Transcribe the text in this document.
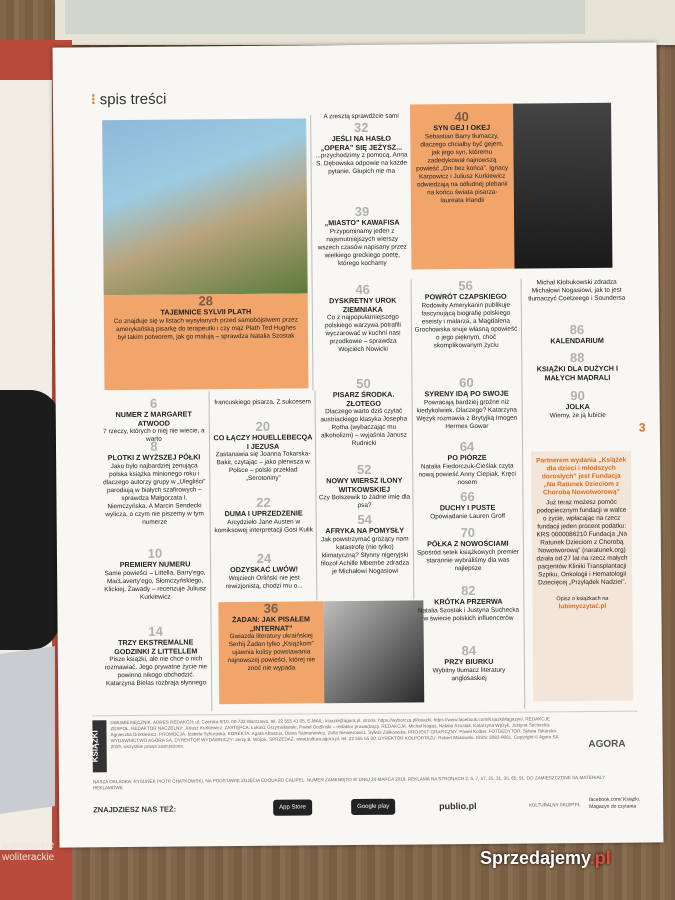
woliterackie woliterackie
⁝ spis treści
28
TAJEMNICE SYLVII PLATH
Co znajduje się w listach wysyłanych przed samobójstwem przez amerykańską pisarkę do terapeutki i czy mąż Plath Ted Hughes był takim potworem, jak go malują – sprawdza Natalia Szostak
A zresztą sprawdźcie sami
32
JEŚLI NA HASŁO „OPERA” SIĘ JEŻYSZ...
...przychodzimy z pomocą. Anna S. Dębowska odpowie na każde pytanie. Głupich nie ma
39
„MIASTO” KAWAFISA
Przypominamy jeden z najsmutniejszych wierszy wszech czasów napisany przez wielkiego greckiego poetę, którego kochamy
40
SYN GEJ I OKEJ
Sebastian Barry tłumaczy, dlaczego chciałby być gejem, jak jego syn, któremu zadedykował najnowszą powieść „Dni bez końca”. Ignacy Karpowicz i Juliusz Kurkiewicz odwiedzają na odludnej plebanii na końcu świata pisarza-laureata Irlandii
46
DYSKRETNY UROK ZIEMNIAKA
Co z najpopularniejszego polskiego warzywa potrafili wyczarować w kuchni nasi przodkowie – sprawdza Wojciech Nowicki
56
POWRÓT CZAPSKIEGO
Rodowity Amerykanin publikuje fascynującą biografię polskiego eseisty i malarza, a Magdalena Grochowska snuje własną opowieść o jego pięknym, choć skomplikowanym życiu
Michał Kłobukowski zdradza Michałowi Nogasiowi, jak to jest tłumaczyć Coetzeego i Soundersa
86
KALENDARIUM
88
KSIĄŻKI DLA DUŻYCH I MAŁYCH MĄDRALI
90
JOLKA
Wiemy, że ją lubicie
6
NUMER Z MARGARET ATWOOD
7 rzeczy, których o niej nie wiecie, a warto
8
PLOTKI Z WYŻSZEJ PÓŁKI
Jako było najbardziej żenująca polska książka minionego roku i dlaczego autorzy grupy w „Ulegliści” parodiują w białych szafirowych – sprawdza Małgorzata I. Niemczyńska. A Marcin Sendecki wylicza, o czym nie piszemy w tym numerze
10
PREMIERY NUMERU
Same powieści – Littella, Barry'ego, MacLaverty'ego, Słomczyńskiego, Klickiej, Zawady – recenzuje Juliusz Kurkiewicz
14
TRZY EKSTREMALNE GODZINKI Z LITTELLEM
Pisze książki, ale nie chce o nich rozmawiać. Jego prywatne życie nie powinno nikogo obchodzić. Katarzyna Bielas rozbraja słynnego
francuskiego pisarza. Z sukcesem
20
CO ŁĄCZY HOUELLEBECQA I JEZUSA
Zastanawia się Joanna Tokarska-Bakir, czytając – jako pierwsza w Polsce – polski przekład „Serotoniny”
22
DUMA I UPRZEDZENIE
Arcydzieło Jane Austen w komiksowej interpretacji Gosi Kulik
24
ODZYSKAĆ LWÓW!
Wojciech Orliński nie jest rewizjonistą, chodzi mu o...
36
ŻADAN: JAK PISAŁEM „INTERNAT”
Gwiazda literatury ukraińskiej Serhij Żadan tylko „Książkom” ujawnia kulisy powstawania najnowszej powieści, której nie znoć nie wypada
50
PISARZ ŚRODKA. ZŁOTEGO
Dlaczego warto dziś czytać austriackiego klasyka Josepha Rotha (wybaczając mu alkoholizm) – wyjaśnia Janusz Rudnicki
52
NOWY WIERSZ ILONY WITKOWSKIEJ
Czy Bolszewik to żadne imię dla psa?
54
AFRYKA NA POMYSŁY
Jak powstrzymać grożący nam katastrofę (nie tylko) klimatyczną? Słynny nigeryjski filozof Achille Mbembe zdradza je Michałowi Nogasiowi
60
SYRENY IDĄ PO SWOJE
Powracają bardziej groźne niż kiedykolwiek. Dlaczego? Katarzyna Wężyk rozmawia z Brytyjką Imogen Hermes Gowar
64
PO PIÓRZE
Natalia Fiedorczuk-Cieślak czyta nową powieść Anny Ciepiak. Kręci nosem
66
DUCHY I PUSTE
Opowiadanie Lauren Groff
70
PÓŁKA Z NOWOŚCIAMI
Spośród setek książkowych premier starannie wybraliśmy dla was najlepsze
82
KRÓTKA PRZERWA
Natalia Szostak i Justyna Suchecka w świecie polskich influencerów
84
PRZY BIURKU
Wybitny tłumacz literatury anglosaskiej
Partnerem wydania „Książek dla dzieci i młodszych dorosłych” jest Fundacja „Na Ratunek Dzieciom z Chorobą Nowotworową”
Już teraz możesz pomóc podopiecznym fundacji w walce o życie, wpłacając na rzecz fundacji jeden procent podatku: KRS 0000086210 Fundacja „Na Ratunek Dzieciom z Chorobą Nowotworową” (naratunek.org) działa od 27 lat na rzecz małych pacjentów Kliniki Transplantacji Szpiku, Onkologii i Hematologii Dziecięcej „Przylądek Nadziei”.
Opisz o książkach na
lubimyczytać.pl
3
KSIĄŻKI
DWUMIESIĘCZNIK. ADRES REDAKCJI: ul. Czerska 8/10, 00-732 Warszawa, tel. 22 555 41 05, E-MAIL: ksiazki@agora.pl, strona: https://wyborcza.pl/ksiazki, https://www.facebook.com/KsiazkiMagazyn/. REDAKCJE ZESPOŁ. REDAKTOR NACZELNY: Juliusz Kurkiewicz. ZASTĘPCA: Łukasz Grzymisławski, Paweł Goźliński – redaktor prowadzący. REDAKCJA: Michał Nogaś, Natalia Szostak, Katarzyna Wężyk, Justyna Suchecka, Agnieszka Drotkiewicz. PROMOCJA: Izabela Szkurpska. KOREKTA: Agata Abaszus, Diana Salmanowicz, Zofia Siewierowicz, Sylwia Ziółkowska. PROJEKT GRAFICZNY: Paweł Kolber. FOTOEDYTOR: Sylwia Tokarska. WYDAWNICTWO AGORA SA. DYREKTOR WYDAWNICZY: Jerzy B. Wójcik. SPRZEDAŻ: www.kultura.agora.pl, tel. 22 555 55 00. DYREKTOR KOLPORTAŻU: Robert Makowski. ISSN: 2083-8661. Copyright © Agora SA 2019, wszystkie prawa zastrzeżone.	AGORA
NASZA OKŁADKA: RYSUNEK PIOTR CHATKOWSKI, NA PODSTAWIE ZDJĘCIA EDOUARD CALIPEL. NUMER ZAMKNIĘTO W DNIU 20 MARCA 2019. REKLAMA NA STRONACH 2, 5, 7, 17, 25, 31, 35, 65, 91. DO ZAMIESZCZONE SĄ MATERIAŁY REKLAMOWE
ZNAJDZIESZ NAS TEŻ:	App Store	Google play	publio.pl	KULTURALNY SKLEP.PL
facebook.com/ Książki. Magazyn do czytania
Sprzedajemy.pl
